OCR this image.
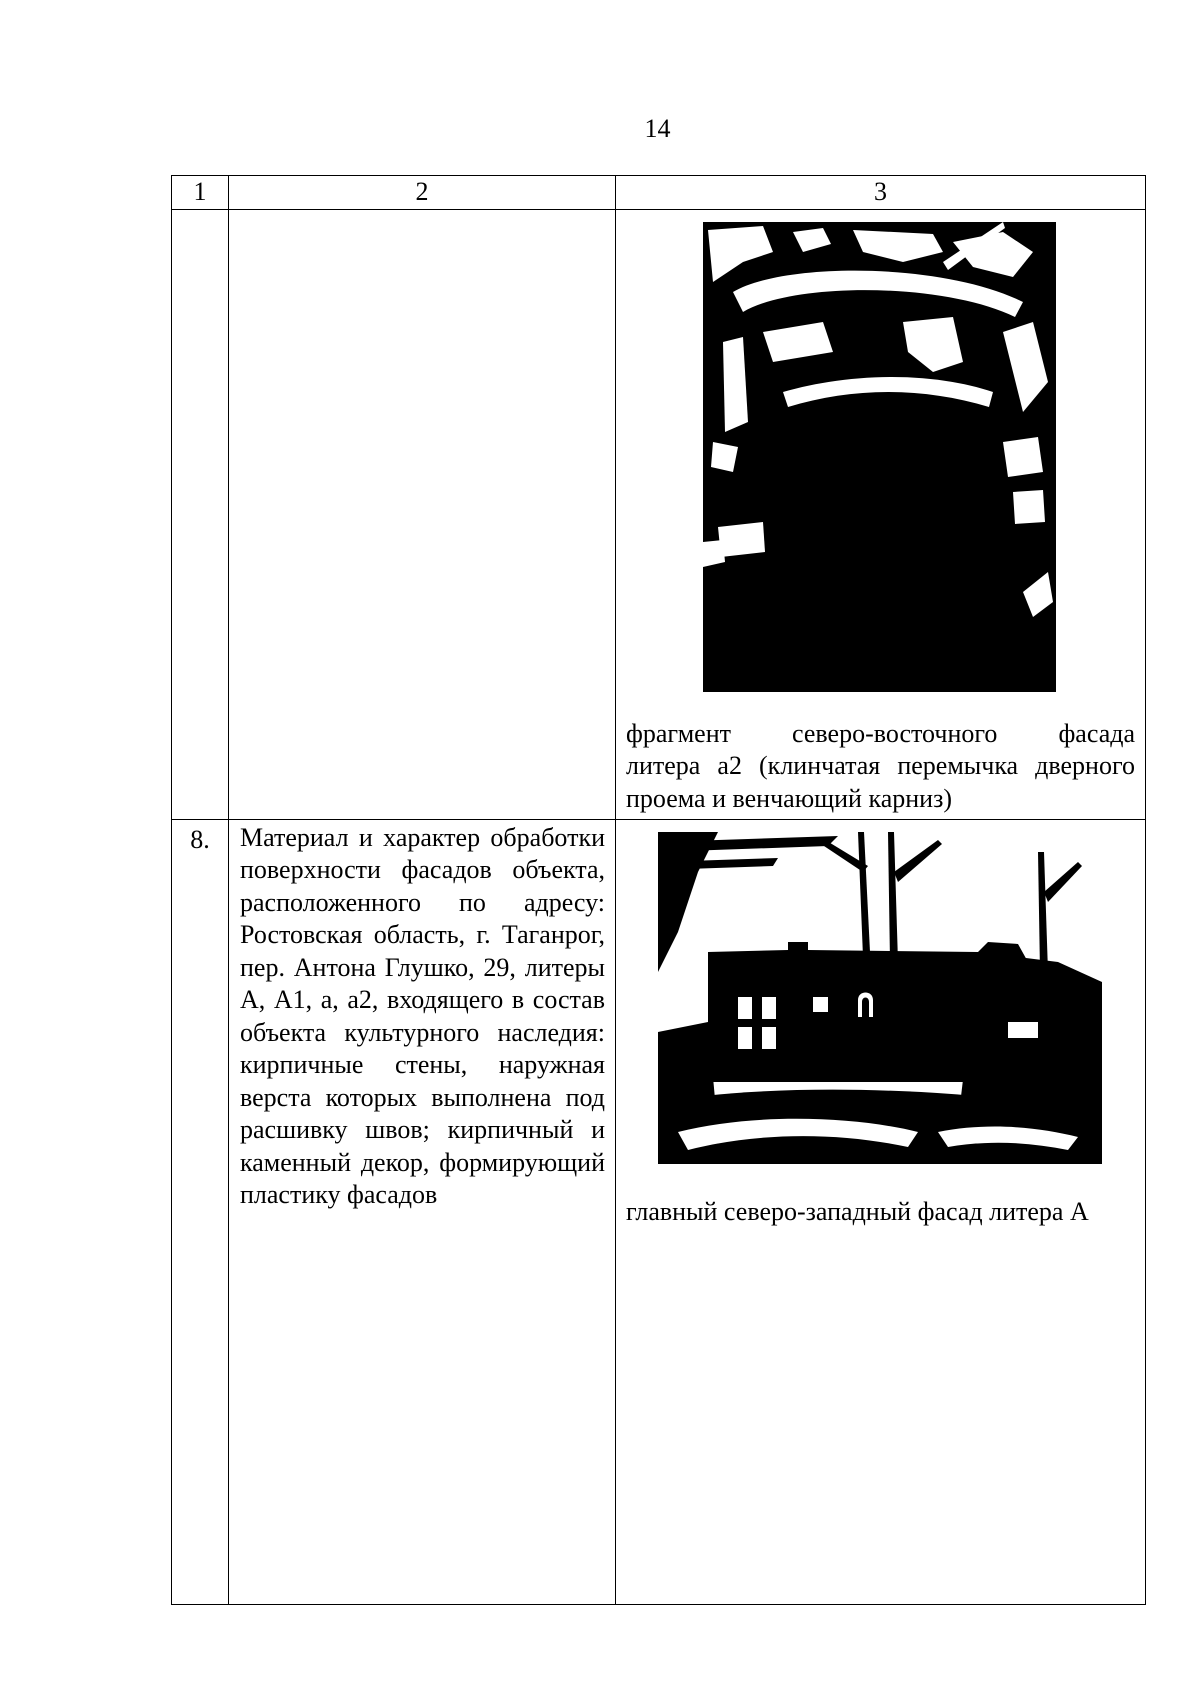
14
1	2	3

		фрагмент северо-восточного фасада
литера а2 (клинчатая перемычка дверного
проема и венчающий карниз)

8.	Материал и характер обработки поверхности фасадов объекта, расположенного по адресу: Ростовская область, г. Таганрог, пер. Антона Глушко, 29, литеры А, А1, а, а2, входящего в состав объекта культурного наследия: кирпичные стены, наружная верста которых выполнена под расшивку швов; кирпичный и каменный декор, формирующий пластику фасадов	главный северо-западный фасад литера А
